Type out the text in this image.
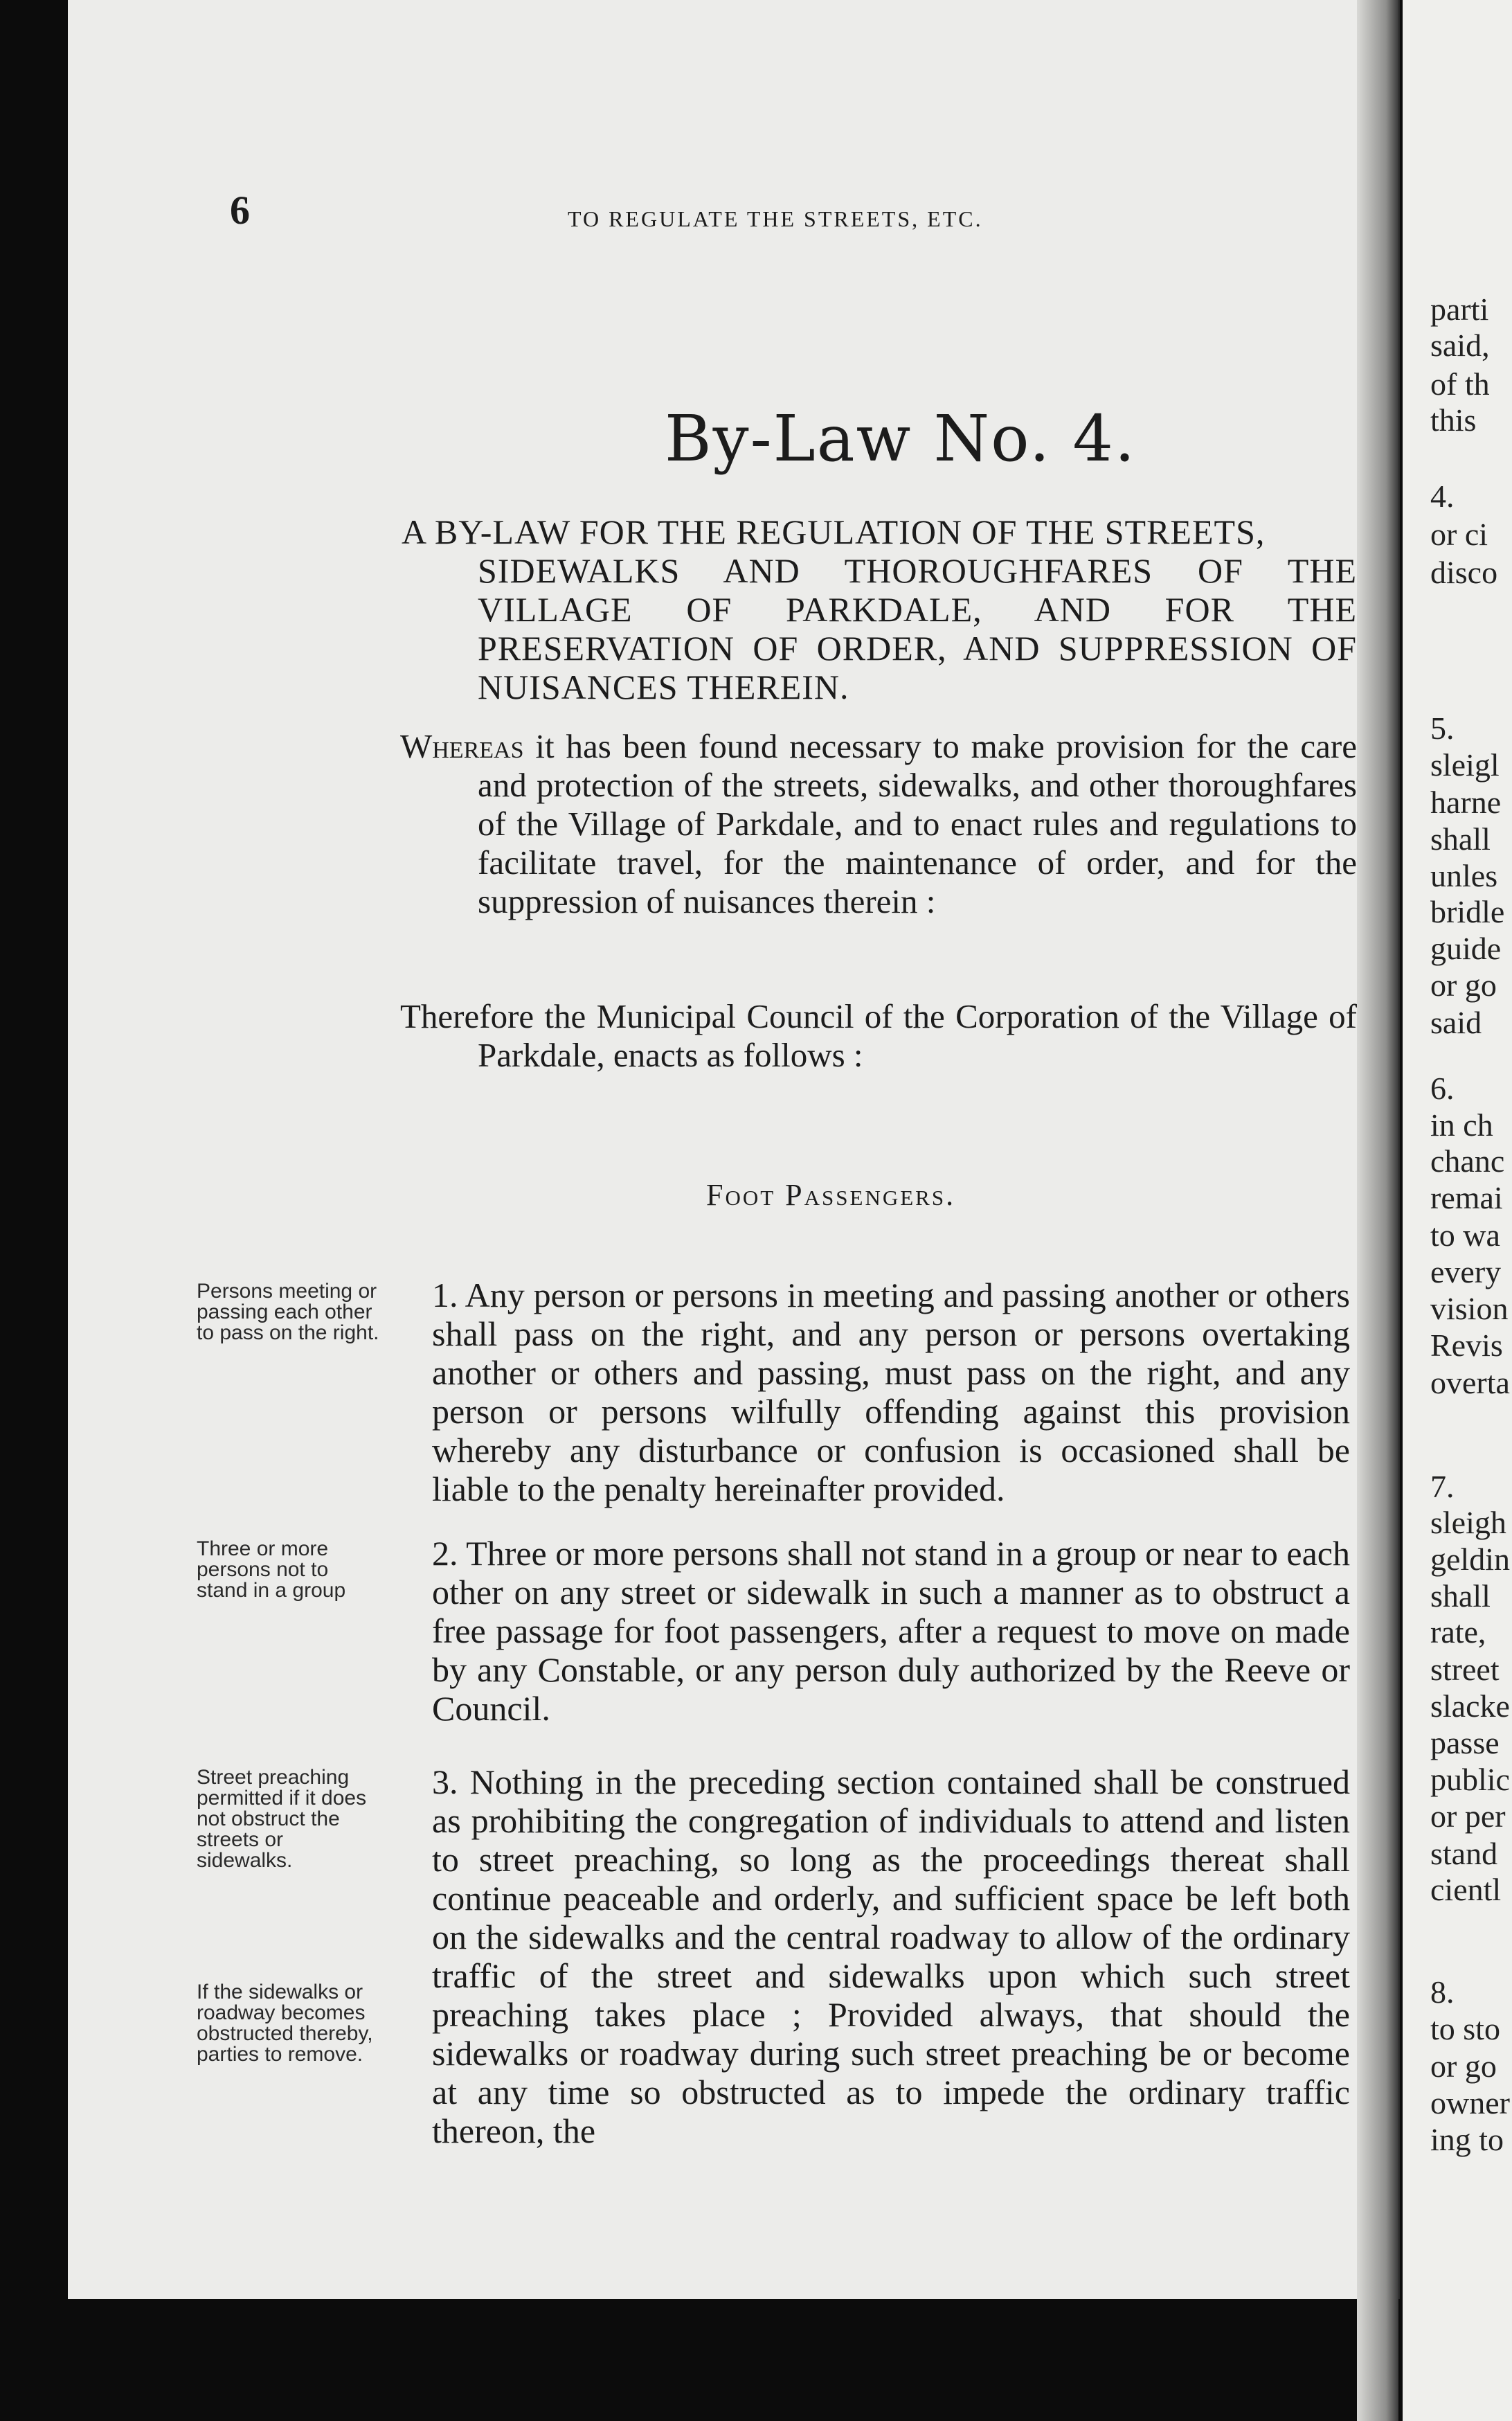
parti
said,
of th
this
4.
or ci
disco
5.
sleigl
harne
shall
unles
bridle
guide
or go
said
6.
in ch
chanc
remai
to wa
every
vision
Revis
overta
7.
sleigh
geldin
shall
rate,
street
slacke
passe
public
or per
stand
cientl
8.
to sto
or go
owner
ing to
6	TO REGULATE THE STREETS, ETC.
By-Law No. 4.
A BY-LAW FOR THE REGULATION OF THE STREETS,
SIDEWALKS AND THOROUGHFARES OF THE VILLAGE OF PARKDALE, AND FOR THE PRESERVATION OF ORDER, AND SUPPRESSION OF NUISANCES THEREIN.
Whereas it has been found necessary to make provision for the care and protection of the streets, sidewalks, and other thoroughfares of the Village of Parkdale, and to enact rules and regulations to facilitate travel, for the maintenance of order, and for the suppression of nuisances therein :
Therefore the Municipal Council of the Corporation of the Village of Parkdale, enacts as follows :
Foot Passengers.
Persons meeting or passing each other to pass on the right.
1. Any person or persons in meeting and passing another or others shall pass on the right, and any person or persons overtaking another or others and passing, must pass on the right, and any person or persons wilfully offending against this provision whereby any disturbance or confusion is occasioned shall be liable to the penalty hereinafter provided.
Three or more persons not to stand in a group
2. Three or more persons shall not stand in a group or near to each other on any street or sidewalk in such a manner as to obstruct a free passage for foot passengers, after a request to move on made by any Constable, or any person duly authorized by the Reeve or Council.
Street preaching permitted if it does not obstruct the streets or sidewalks.
If the sidewalks or roadway becomes obstructed thereby, parties to remove.
3. Nothing in the preceding section contained shall be construed as prohibiting the congregation of individuals to attend and listen to street preaching, so long as the proceedings thereat shall continue peaceable and orderly, and sufficient space be left both on the sidewalks and the central roadway to allow of the ordinary traffic of the street and sidewalks upon which such street preaching takes place ; Provided always, that should the sidewalks or roadway during such street preaching be or become at any time so obstructed as to impede the ordinary traffic thereon, the
